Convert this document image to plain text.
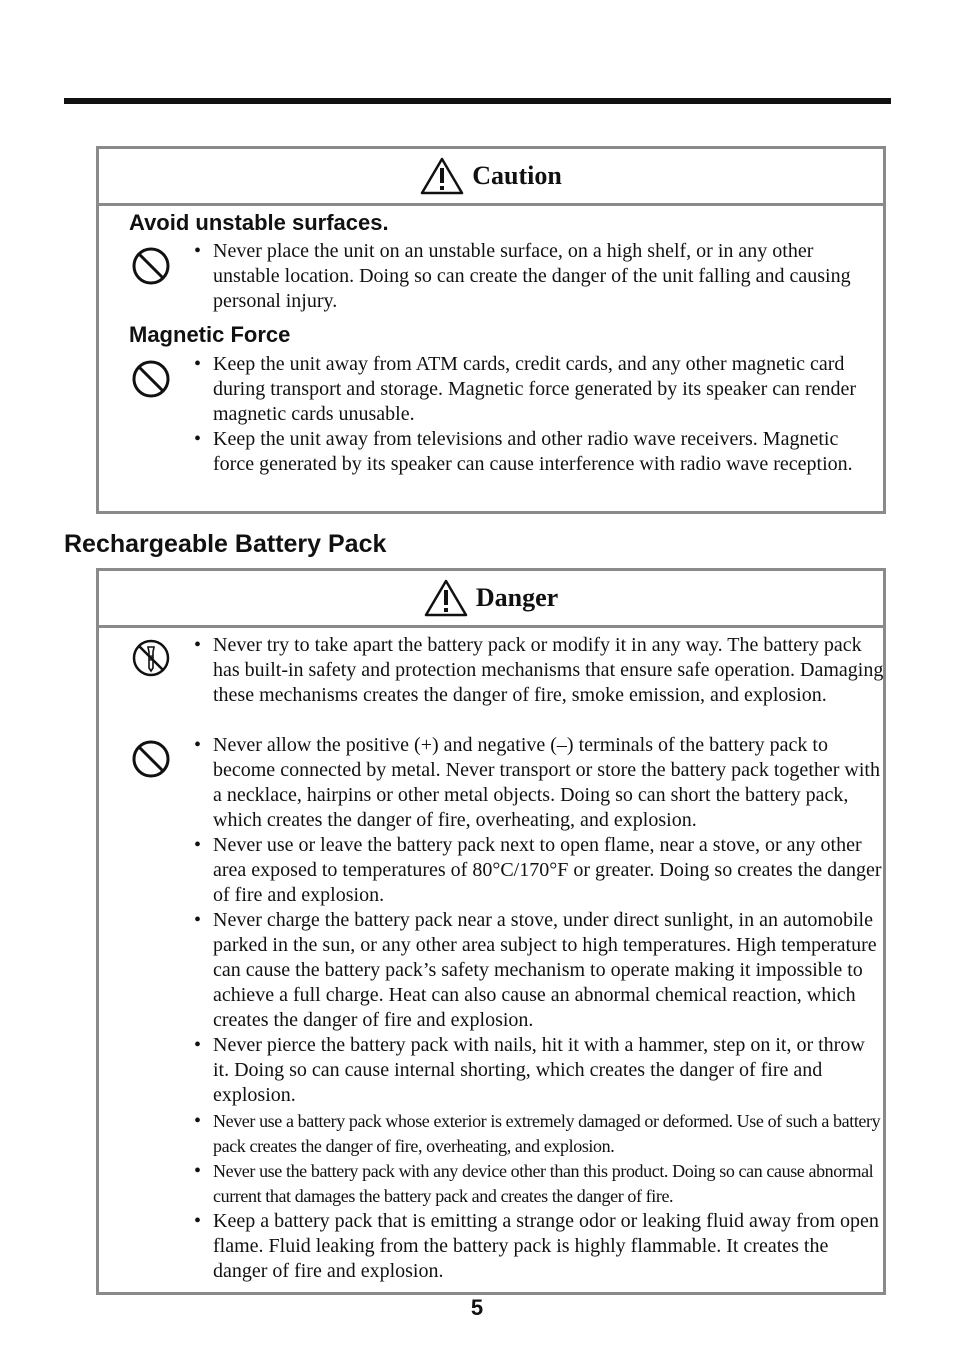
Caution
Avoid unstable surfaces.
• Never place the unit on an unstable surface, on a high shelf, or in any other unstable location. Doing so can create the danger of the unit falling and causing personal injury.
Magnetic Force
• Keep the unit away from ATM cards, credit cards, and any other magnetic card during transport and storage. Magnetic force generated by its speaker can render magnetic cards unusable.
• Keep the unit away from televisions and other radio wave receivers. Magnetic force generated by its speaker can cause interference with radio wave reception.
Rechargeable Battery Pack
Danger
• Never try to take apart the battery pack or modify it in any way. The battery pack has built-in safety and protection mechanisms that ensure safe operation. Damaging these mechanisms creates the danger of fire, smoke emission, and explosion.
• Never allow the positive (+) and negative (–) terminals of the battery pack to become connected by metal. Never transport or store the battery pack together with a necklace, hairpins or other metal objects. Doing so can short the battery pack, which creates the danger of fire, overheating, and explosion.
• Never use or leave the battery pack next to open flame, near a stove, or any other area exposed to temperatures of 80°C/170°F or greater. Doing so creates the danger of fire and explosion.
• Never charge the battery pack near a stove, under direct sunlight, in an automobile parked in the sun, or any other area subject to high temperatures. High temperature can cause the battery pack’s safety mechanism to operate making it impossible to achieve a full charge. Heat can also cause an abnormal chemical reaction, which creates the danger of fire and explosion.
• Never pierce the battery pack with nails, hit it with a hammer, step on it, or throw it. Doing so can cause internal shorting, which creates the danger of fire and explosion.
• Never use a battery pack whose exterior is extremely damaged or deformed. Use of such a battery pack creates the danger of fire, overheating, and explosion.
• Never use the battery pack with any device other than this product. Doing so can cause abnormal current that damages the battery pack and creates the danger of fire.
• Keep a battery pack that is emitting a strange odor or leaking fluid away from open flame. Fluid leaking from the battery pack is highly flammable. It creates the danger of fire and explosion.
5
